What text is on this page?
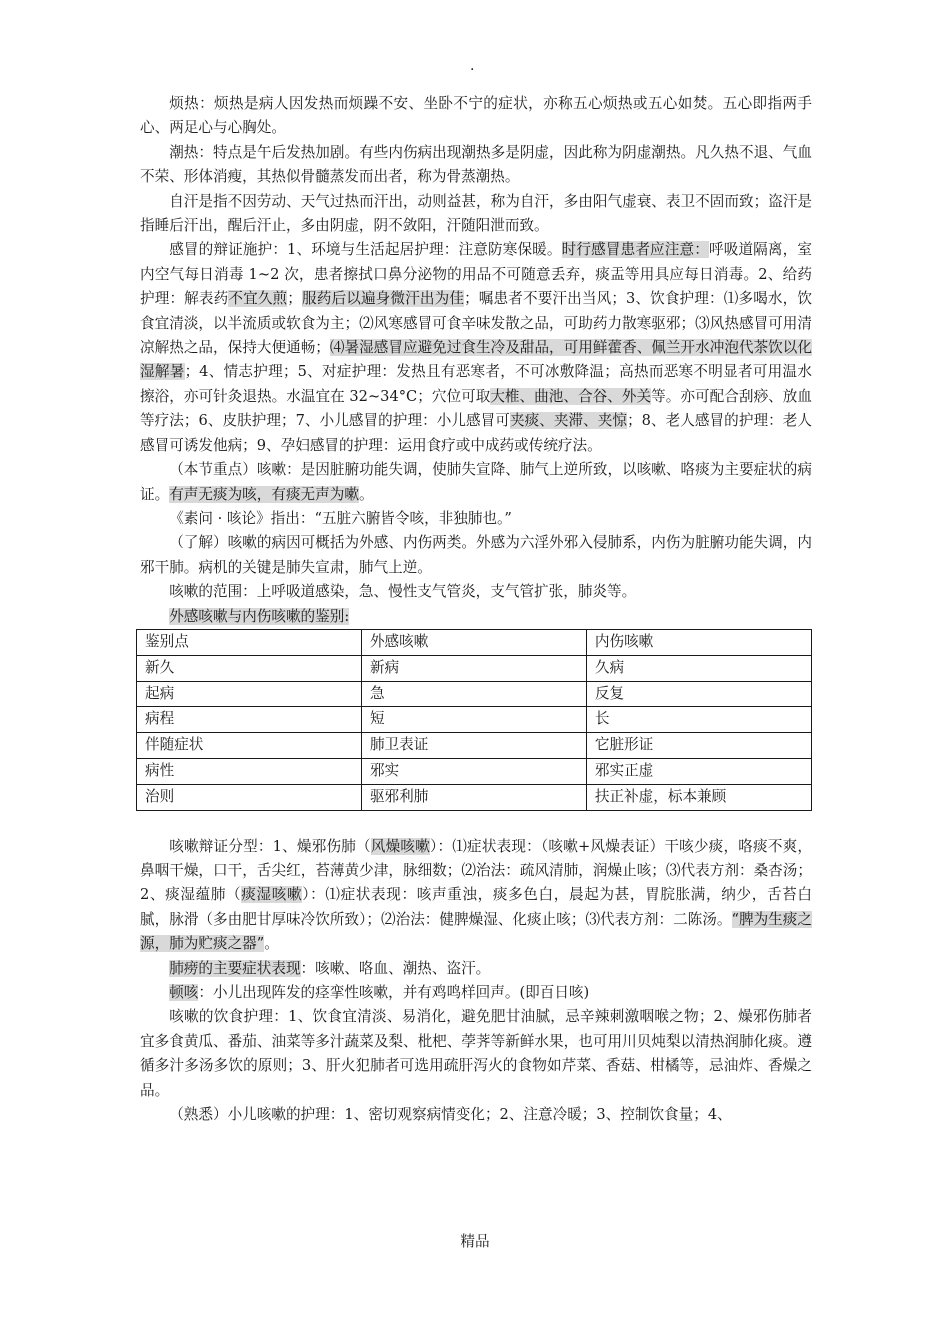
.

烦热：烦热是病人因发热而烦躁不安、坐卧不宁的症状，亦称五心烦热或五心如焚。五心即指两手心、两足心与心胸处。

潮热：特点是午后发热加剧。有些内伤病出现潮热多是阴虚，因此称为阴虚潮热。凡久热不退、气血不荣、形体消瘦，其热似骨髓蒸发而出者，称为骨蒸潮热。

自汗是指不因劳动、天气过热而汗出，动则益甚，称为自汗，多由阳气虚衰、表卫不固而致；盗汗是指睡后汗出，醒后汗止，多由阴虚，阴不敛阳，汗随阳泄而致。

感冒的辩证施护：1、环境与生活起居护理：注意防寒保暖。时行感冒患者应注意：呼吸道隔离，室内空气每日消毒 1~2 次，患者擦拭口鼻分泌物的用品不可随意丢弃，痰盂等用具应每日消毒。2、给药护理：解表药不宜久煎；服药后以遍身微汗出为佳；嘱患者不要汗出当风；3、饮食护理：⑴多喝水，饮食宜清淡，以半流质或软食为主；⑵风寒感冒可食辛味发散之品，可助药力散寒驱邪；⑶风热感冒可用清凉解热之品，保持大便通畅；⑷暑湿感冒应避免过食生冷及甜品，可用鲜藿香、佩兰开水冲泡代茶饮以化湿解暑；4、情志护理；5、对症护理：发热且有恶寒者，不可冰敷降温；高热而恶寒不明显者可用温水擦浴，亦可针灸退热。水温宜在 32~34°C；穴位可取大椎、曲池、合谷、外关等。亦可配合刮痧、放血等疗法；6、皮肤护理；7、小儿感冒的护理：小儿感冒可夹痰、夹滞、夹惊；8、老人感冒的护理：老人感冒可诱发他病；9、孕妇感冒的护理：运用食疗或中成药或传统疗法。

（本节重点）咳嗽：是因脏腑功能失调，使肺失宣降、肺气上逆所致，以咳嗽、咯痰为主要症状的病证。有声无痰为咳，有痰无声为嗽。

《素问 · 咳论》指出：“五脏六腑皆令咳，非独肺也。”

（了解）咳嗽的病因可概括为外感、内伤两类。外感为六淫外邪入侵肺系，内伤为脏腑功能失调，内邪干肺。病机的关键是肺失宣肃，肺气上逆。

咳嗽的范围：上呼吸道感染，急、慢性支气管炎，支气管扩张，肺炎等。

外感咳嗽与内伤咳嗽的鉴别:

鉴别点	外感咳嗽	内伤咳嗽
新久	新病	久病
起病	急	反复
病程	短	长
伴随症状	肺卫表证	它脏形证
病性	邪实	邪实正虚
治则	驱邪利肺	扶正补虚，标本兼顾

咳嗽辩证分型：1、燥邪伤肺（风燥咳嗽）：⑴症状表现：（咳嗽+风燥表证）干咳少痰，咯痰不爽，鼻咽干燥，口干，舌尖红，苔薄黄少津，脉细数；⑵治法：疏风清肺，润燥止咳；⑶代表方剂：桑杏汤；2、痰湿蕴肺（痰湿咳嗽）：⑴症状表现：咳声重浊，痰多色白，晨起为甚，胃脘胀满，纳少，舌苔白腻，脉滑（多由肥甘厚味冷饮所致）；⑵治法：健脾燥湿、化痰止咳；⑶代表方剂：二陈汤。“脾为生痰之源，肺为贮痰之器”。

肺痨的主要症状表现：咳嗽、咯血、潮热、盗汗。

顿咳：小儿出现阵发的痉挛性咳嗽，并有鸡鸣样回声。(即百日咳)

咳嗽的饮食护理：1、饮食宜清淡、易消化，避免肥甘油腻，忌辛辣刺激咽喉之物；2、燥邪伤肺者宜多食黄瓜、番茄、油菜等多汁蔬菜及梨、枇杷、荸荠等新鲜水果，也可用川贝炖梨以清热润肺化痰。遵循多汁多汤多饮的原则；3、肝火犯肺者可选用疏肝泻火的食物如芹菜、香菇、柑橘等，忌油炸、香燥之品。

（熟悉）小儿咳嗽的护理：1、密切观察病情变化；2、注意冷暖；3、控制饮食量；4、

精品
